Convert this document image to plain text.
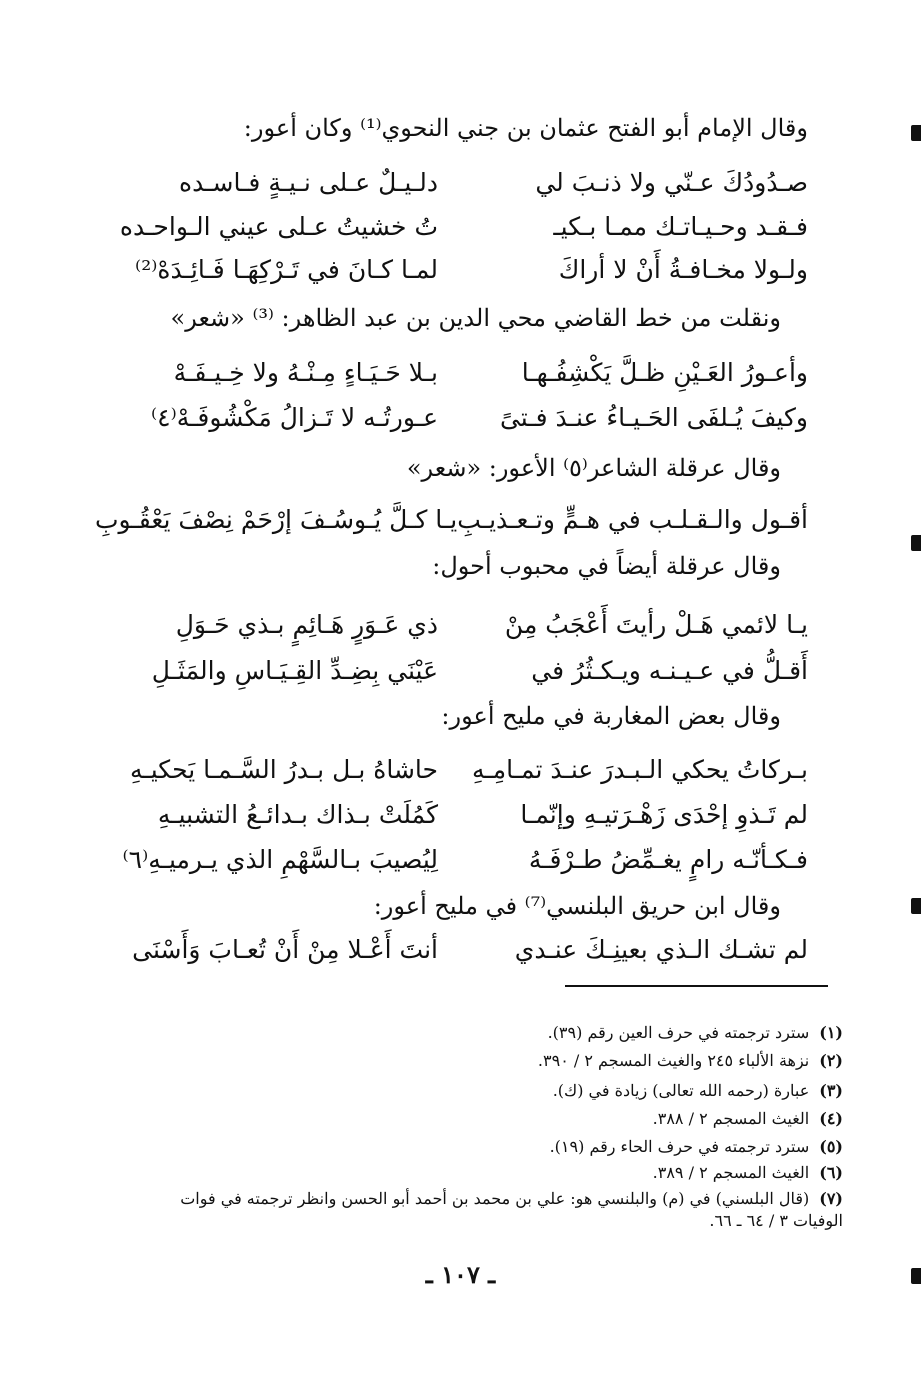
وقال الإمام أبو الفتح عثمان بن جني النحوي⁽¹⁾ وكان أعور:
صـدُودُكَ عـنّي ولا ذنـبَ لي
دلـيـلٌ عـلى نـيـةٍ فـاسـده
فـقـد وحـيـاتـك ممـا بـكيـ
تُ خشيتُ عـلى عيني الـواحـده
ولـولا مخـافـةُ أَنْ لا أراكَ
لمـا كـانَ في تَـرْكِهَـا فَـائِـدَهْ⁽²⁾
ونقلت من خط القاضي محي الدين بن عبد الظاهر: ⁽³⁾ «شعر»
وأعـورُ العَـيْنِ ظـلَّ يَكْشِفُـهـا
بـلا حَـيَـاءٍ مِـنْـهُ ولا خِـيـفَـهْ
وكيفَ يُـلفَى الحَـيـاءُ عنـدَ فـتىً
عـورتُـه لا تَـزالُ مَكْشُوفَـهْ⁽٤⁾
وقال عرقلة الشاعر⁽٥⁾ الأعور: «شعر»
أقـول والـقـلـب في هـمٍّ وتـعـذيـبِ
يـا كـلَّ يُـوسُـفَ إرْحَمْ نِصْفَ يَعْقُـوبِ
وقال عرقلة أيضاً في محبوب أحول:
يـا لائمي هَـلْ رأيتَ أَعْجَبُ مِنْ
ذي عَـوَرٍ هَـائِمٍ بـذي حَـوَلِ
أَقـلُّ في عـيـنـه ويـكـثُرُ في
عَيْنَي بِضِـدِّ القِـيَـاسِ والمَثَـلِ
وقال بعض المغاربة في مليح أعور:
بـركاتُ يحكي الـبـدرَ عنـدَ تمـامِـهِ
حاشاهُ بـل بـدرُ السَّـمـا يَحكيـهِ
لم تَـذوِ إحْدَى زَهْـرَتيـهِ وإنّمـا
كَمُلَتْ بـذاك بـدائـعُ التشبيـهِ
فـكـأنّـه رامٍ يغـمِّضُ طـرْفَـهُ
لِيُصيبَ بـالسَّهْمِ الذي يـرميـهِ⁽٦⁾
وقال ابن حريق البلنسي⁽⁷⁾ في مليح أعور:
لم تشـك الـذي بعينِـكَ عنـدي
أنتَ أَعْـلا مِنْ أَنْ تُعـابَ وَأَسْنَى
(١)سترد ترجمته في حرف العين رقم (٣٩).
(٢)نزهة الألباء ٢٤٥ والغيث المسجم ٢ / ٣٩٠.
(٣)عبارة (رحمه الله تعالى) زيادة في (ك).
(٤)الغيث المسجم ٢ / ٣٨٨.
(٥)سترد ترجمته في حرف الحاء رقم (١٩).
(٦)الغيث المسجم ٢ / ٣٨٩.
(٧)(قال البلسني) في (م) والبلنسي هو: علي بن محمد بن أحمد أبو الحسن وانظر ترجمته في فوات الوفيات ٣ / ٦٤ ـ ٦٦.
ـ ١٠٧ ـ
